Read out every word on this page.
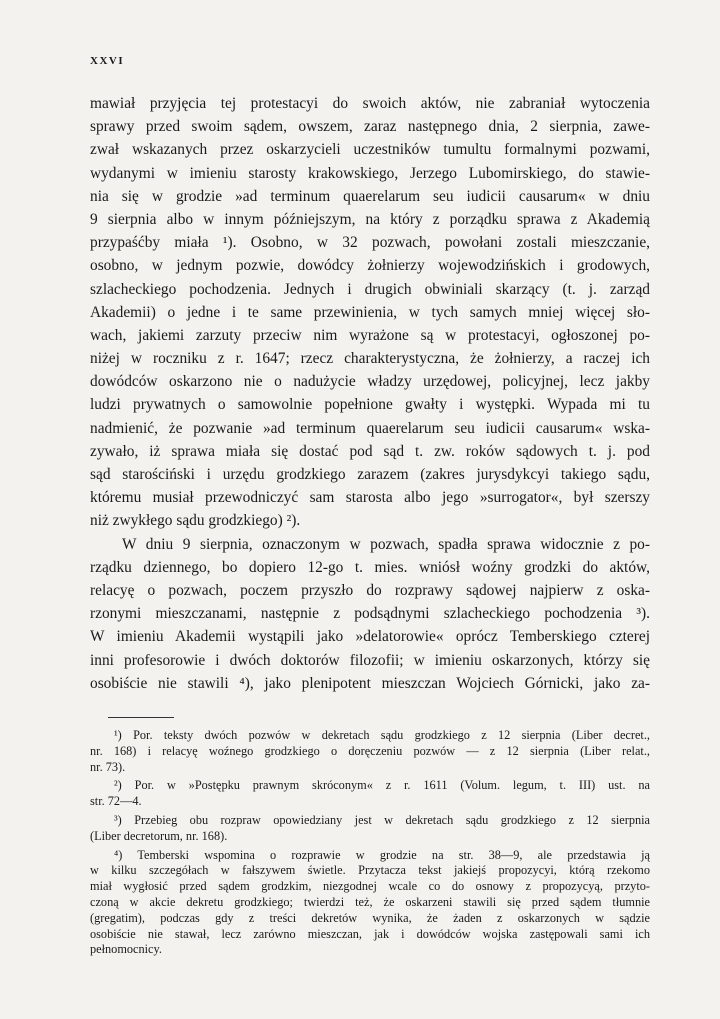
XXVI
mawiał przyjęcia tej protestacyi do swoich aktów, nie zabraniał wytoczenia
sprawy przed swoim sądem, owszem, zaraz następnego dnia, 2 sierpnia, zawe-
zwał wskazanych przez oskarzycieli uczestników tumultu formalnymi pozwami,
wydanymi w imieniu starosty krakowskiego, Jerzego Lubomirskiego, do stawie-
nia się w grodzie »ad terminum quaerelarum seu iudicii causarum« w dniu
9 sierpnia albo w innym późniejszym, na który z porządku sprawa z Akademią
przypaśćby miała ¹). Osobno, w 32 pozwach, powołani zostali mieszczanie,
osobno, w jednym pozwie, dowódcy żołnierzy wojewodzińskich i grodowych,
szlacheckiego pochodzenia. Jednych i drugich obwiniali skarzący (t. j. zarząd
Akademii) o jedne i te same przewinienia, w tych samych mniej więcej sło-
wach, jakiemi zarzuty przeciw nim wyrażone są w protestacyi, ogłoszonej po-
niżej w roczniku z r. 1647; rzecz charakterystyczna, że żołnierzy, a raczej ich
dowódców oskarzono nie o nadużycie władzy urzędowej, policyjnej, lecz jakby
ludzi prywatnych o samowolnie popełnione gwałty i występki. Wypada mi tu
nadmienić, że pozwanie »ad terminum quaerelarum seu iudicii causarum« wska-
zywało, iż sprawa miała się dostać pod sąd t. zw. roków sądowych t. j. pod
sąd starościński i urzędu grodzkiego zarazem (zakres jurysdykcyi takiego sądu,
któremu musiał przewodniczyć sam starosta albo jego »surrogator«, był szerszy
niż zwykłego sądu grodzkiego) ²).
W dniu 9 sierpnia, oznaczonym w pozwach, spadła sprawa widocznie z po-
rządku dziennego, bo dopiero 12-go t. mies. wniósł woźny grodzki do aktów,
relacyę o pozwach, poczem przyszło do rozprawy sądowej najpierw z oska-
rzonymi mieszczanami, następnie z podsądnymi szlacheckiego pochodzenia ³).
W imieniu Akademii wystąpili jako »delatorowie« oprócz Temberskiego czterej
inni profesorowie i dwóch doktorów filozofii; w imieniu oskarzonych, którzy się
osobiście nie stawili ⁴), jako plenipotent mieszczan Wojciech Górnicki, jako za-
¹) Por. teksty dwóch pozwów w dekretach sądu grodzkiego z 12 sierpnia (Liber decret.,
nr. 168) i relacyę woźnego grodzkiego o doręczeniu pozwów — z 12 sierpnia (Liber relat.,
nr. 73).
²) Por. w »Postępku prawnym skróconym« z r. 1611 (Volum. legum, t. III) ust. na
str. 72—4.
³) Przebieg obu rozpraw opowiedziany jest w dekretach sądu grodzkiego z 12 sierpnia
(Liber decretorum, nr. 168).
⁴) Temberski wspomina o rozprawie w grodzie na str. 38—9, ale przedstawia ją
w kilku szczegółach w fałszywem świetle. Przytacza tekst jakiejś propozycyi, którą rzekomo
miał wygłosić przed sądem grodzkim, niezgodnej wcale co do osnowy z propozycyą, przyto-
czoną w akcie dekretu grodzkiego; twierdzi też, że oskarzeni stawili się przed sądem tłumnie
(gregatim), podczas gdy z treści dekretów wynika, że żaden z oskarzonych w sądzie
osobiście nie stawał, lecz zarówno mieszczan, jak i dowódców wojska zastępowali sami ich
pełnomocnicy.
